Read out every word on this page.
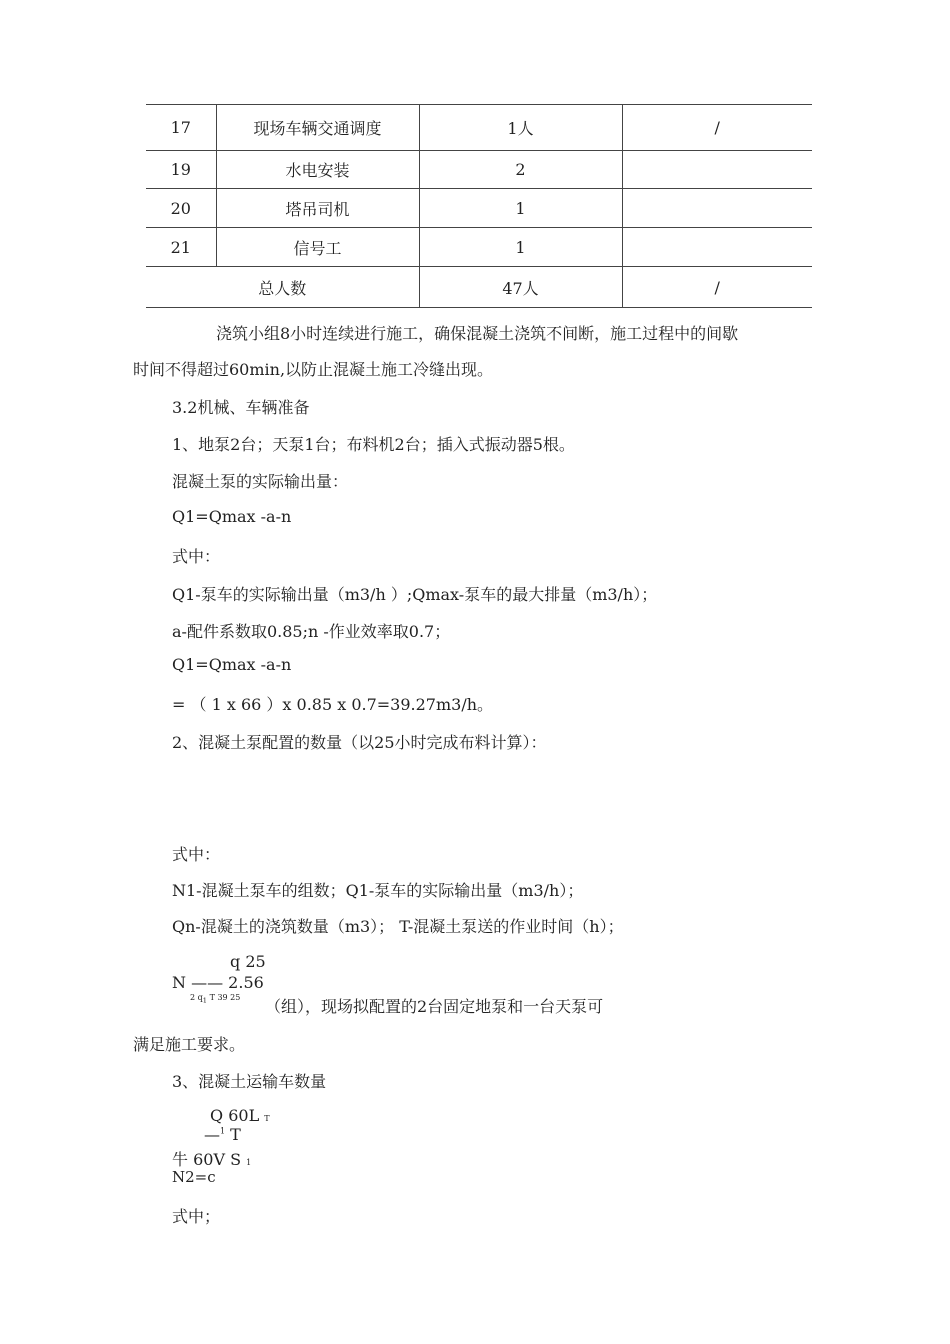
17	现场车辆交通调度	1人	/
19	水电安装	2	
20	塔吊司机	1	
21	信号工	1	
总人数		47人	/
浇筑小组8小时连续进行施工，确保混凝土浇筑不间断，施工过程中的间歇
时间不得超过60min,以防止混凝土施工冷缝出现。
3.2机械、车辆准备
1、地泵2台；天泵1台；布料机2台；插入式振动器5根。
混凝土泵的实际输出量：
Q1=Qmax -a-n
式中：
Q1-泵车的实际输出量（m3/h ）;Qmax-泵车的最大排量（m3/h）；
a-配件系数取0.85;n -作业效率取0.7；
Q1=Qmax -a-n
= （ 1 x 66 ）x 0.85 x 0.7=39.27m3/h。
2、混凝土泵配置的数量（以25小时完成布料计算）：
式中：
N1-混凝土泵车的组数；Q1-泵车的实际输出量（m3/h）；
Qn-混凝土的浇筑数量（m3）； T-混凝土泵送的作业时间（h）；
q 25
N —— 2.56
2 $q_1$ T 39 25 （组），现场拟配置的2台固定地泵和一台天泵可
满足施工要求。
3、混凝土运输车数量
Q 60L T
—$^1$ T
牛 60V S 1
N2=c
式中；
